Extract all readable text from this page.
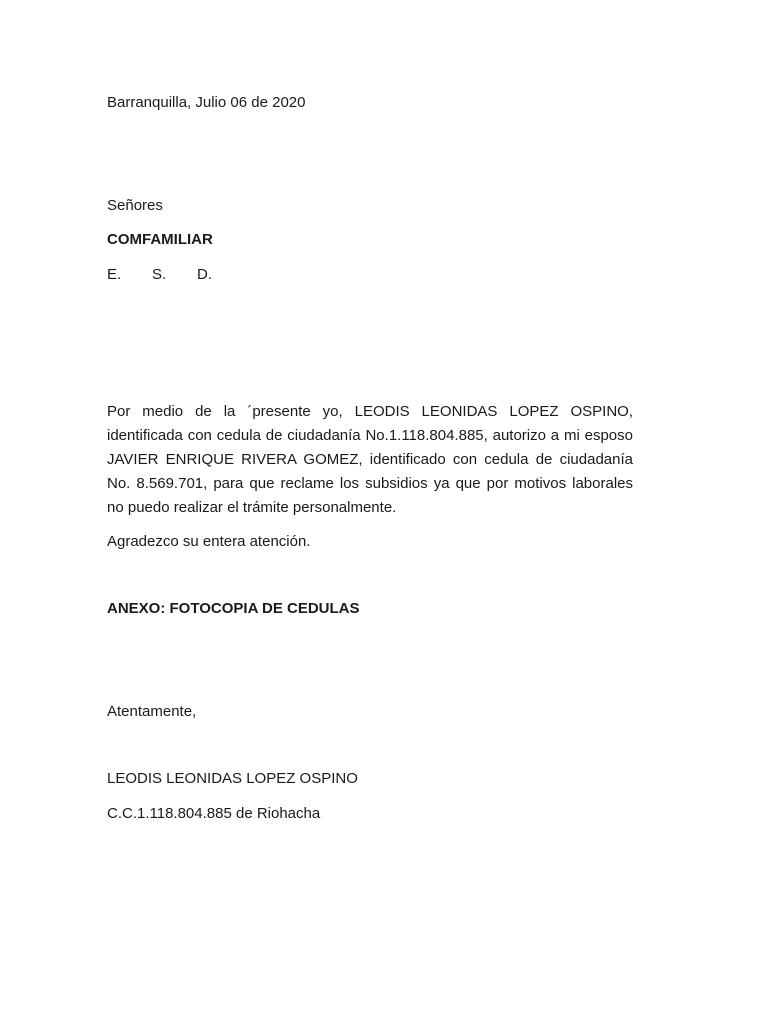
Barranquilla, Julio 06 de 2020
Señores
COMFAMILIAR
E. S. D.
Por medio de la ´presente yo, LEODIS LEONIDAS LOPEZ OSPINO, identificada con cedula de ciudadanía No.1.118.804.885, autorizo a mi esposo JAVIER ENRIQUE RIVERA GOMEZ, identificado con cedula de ciudadanía No. 8.569.701, para que reclame los subsidios ya que por motivos laborales no puedo realizar el trámite personalmente.
Agradezco su entera atención.
ANEXO: FOTOCOPIA DE CEDULAS
Atentamente,
LEODIS LEONIDAS LOPEZ OSPINO
C.C.1.118.804.885 de Riohacha
